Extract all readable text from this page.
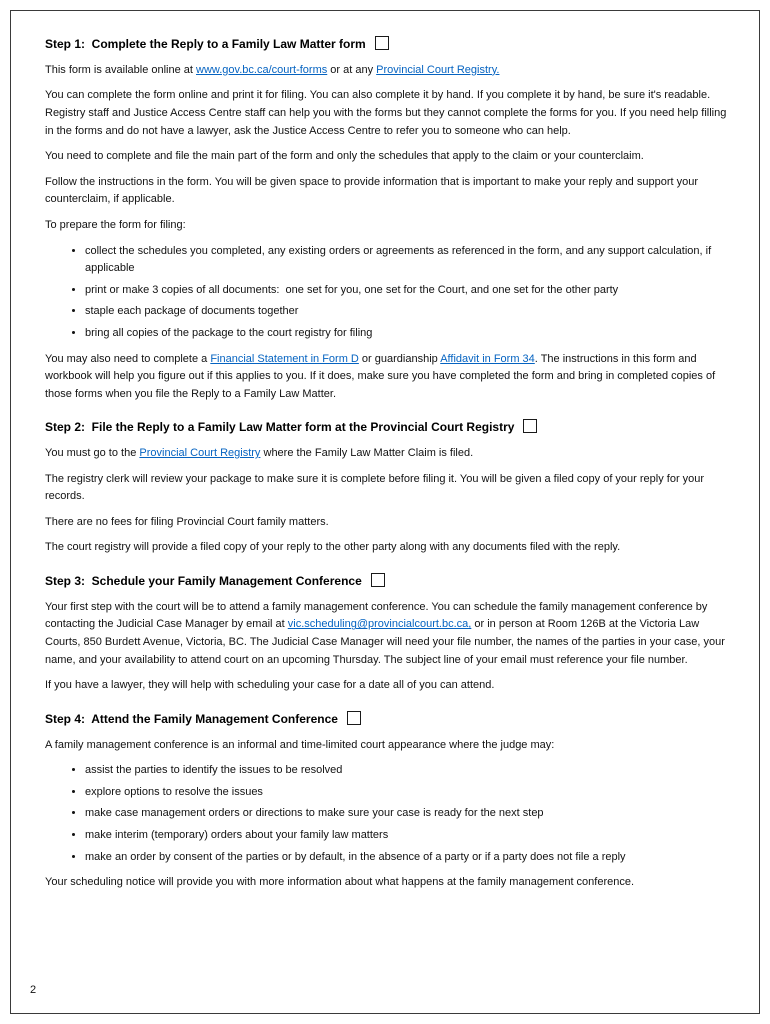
Step 1:  Complete the Reply to a Family Law Matter form

This form is available online at www.gov.bc.ca/court-forms or at any Provincial Court Registry.

You can complete the form online and print it for filing. You can also complete it by hand. If you complete it by hand, be sure it's readable. Registry staff and Justice Access Centre staff can help you with the forms but they cannot complete the forms for you. If you need help filling in the forms and do not have a lawyer, ask the Justice Access Centre to refer you to someone who can help.

You need to complete and file the main part of the form and only the schedules that apply to the claim or your counterclaim.

Follow the instructions in the form. You will be given space to provide information that is important to make your reply and support your counterclaim, if applicable.

To prepare the form for filing:

• collect the schedules you completed, any existing orders or agreements as referenced in the form, and any support calculation, if applicable
• print or make 3 copies of all documents:  one set for you, one set for the Court, and one set for the other party
• staple each package of documents together
• bring all copies of the package to the court registry for filing

You may also need to complete a Financial Statement in Form D or guardianship Affidavit in Form 34. The instructions in this form and workbook will help you figure out if this applies to you. If it does, make sure you have completed the form and bring in completed copies of those forms when you file the Reply to a Family Law Matter.

Step 2:  File the Reply to a Family Law Matter form at the Provincial Court Registry

You must go to the Provincial Court Registry where the Family Law Matter Claim is filed.

The registry clerk will review your package to make sure it is complete before filing it. You will be given a filed copy of your reply for your records.

There are no fees for filing Provincial Court family matters.

The court registry will provide a filed copy of your reply to the other party along with any documents filed with the reply.

Step 3:  Schedule your Family Management Conference

Your first step with the court will be to attend a family management conference. You can schedule the family management conference by contacting the Judicial Case Manager by email at vic.scheduling@provincialcourt.bc.ca, or in person at Room 126B at the Victoria Law Courts, 850 Burdett Avenue, Victoria, BC. The Judicial Case Manager will need your file number, the names of the parties in your case, your name, and your availability to attend court on an upcoming Thursday. The subject line of your email must reference your file number.

If you have a lawyer, they will help with scheduling your case for a date all of you can attend.

Step 4:  Attend the Family Management Conference

A family management conference is an informal and time-limited court appearance where the judge may:

• assist the parties to identify the issues to be resolved
• explore options to resolve the issues
• make case management orders or directions to make sure your case is ready for the next step
• make interim (temporary) orders about your family law matters
• make an order by consent of the parties or by default, in the absence of a party or if a party does not file a reply

Your scheduling notice will provide you with more information about what happens at the family management conference.

2
